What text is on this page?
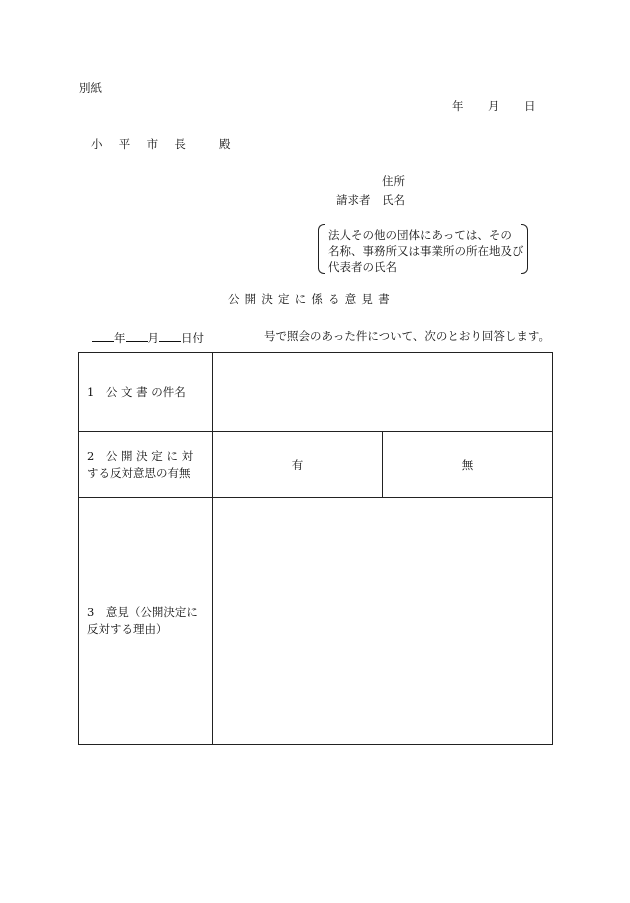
別紙
年 月 日
小 平 市 長 殿
住所
請求者 氏名
法人その他の団体にあっては、その
名称、事務所又は事業所の所在地及び
代表者の氏名
公開決定に係る意見書
年 月 日付	号で照会のあった件について、次のとおり回答します。
1　公 文 書 の件名		

2　公 開 決 定 に 対
する反対意思の有無	有	無

3　意見（公開決定に
反対する理由）		
